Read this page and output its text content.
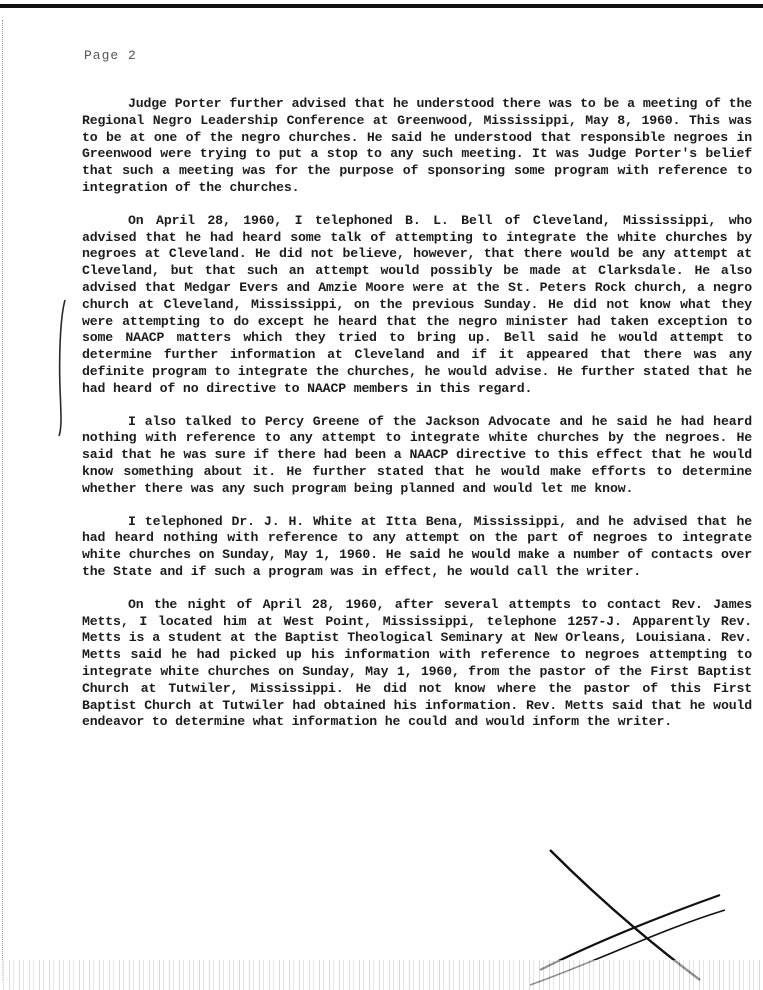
Page 2

Judge Porter further advised that he understood there was to be a meeting of the Regional Negro Leadership Conference at Greenwood, Mississippi, May 8, 1960. This was to be at one of the negro churches. He said he understood that responsible negroes in Greenwood were trying to put a stop to any such meeting. It was Judge Porter's belief that such a meeting was for the purpose of sponsoring some program with reference to integration of the churches.

On April 28, 1960, I telephoned B. L. Bell of Cleveland, Mississippi, who advised that he had heard some talk of attempting to integrate the white churches by negroes at Cleveland. He did not believe, however, that there would be any attempt at Cleveland, but that such an attempt would possibly be made at Clarksdale. He also advised that Medgar Evers and Amzie Moore were at the St. Peters Rock church, a negro church at Cleveland, Mississippi, on the previous Sunday. He did not know what they were attempting to do except he heard that the negro minister had taken exception to some NAACP matters which they tried to bring up. Bell said he would attempt to determine further information at Cleveland and if it appeared that there was any definite program to integrate the churches, he would advise. He further stated that he had heard of no directive to NAACP members in this regard.

I also talked to Percy Greene of the Jackson Advocate and he said he had heard nothing with reference to any attempt to integrate white churches by the negroes. He said that he was sure if there had been a NAACP directive to this effect that he would know something about it. He further stated that he would make efforts to determine whether there was any such program being planned and would let me know.

I telephoned Dr. J. H. White at Itta Bena, Mississippi, and he advised that he had heard nothing with reference to any attempt on the part of negroes to integrate white churches on Sunday, May 1, 1960. He said he would make a number of contacts over the State and if such a program was in effect, he would call the writer.

On the night of April 28, 1960, after several attempts to contact Rev. James Metts, I located him at West Point, Mississippi, telephone 1257-J. Apparently Rev. Metts is a student at the Baptist Theological Seminary at New Orleans, Louisiana. Rev. Metts said he had picked up his information with reference to negroes attempting to integrate white churches on Sunday, May 1, 1960, from the pastor of the First Baptist Church at Tutwiler, Mississippi. He did not know where the pastor of this First Baptist Church at Tutwiler had obtained his information. Rev. Metts said that he would endeavor to determine what information he could and would inform the writer.
